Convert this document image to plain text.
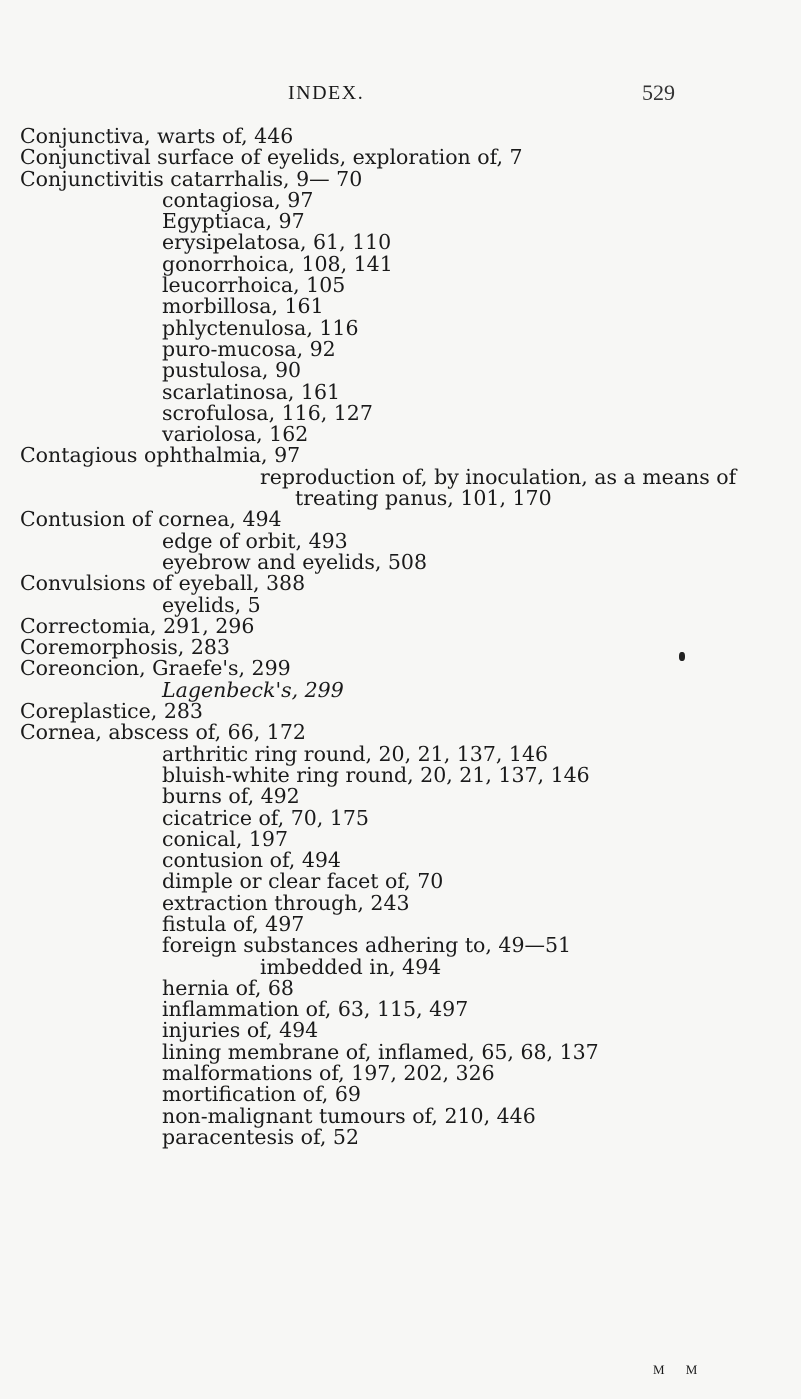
INDEX.	529
Conjunctiva, warts of, 446
Conjunctival surface of eyelids, exploration of, 7
Conjunctivitis catarrhalis, 9— 70
contagiosa, 97
Egyptiaca, 97
erysipelatosa, 61, 110
gonorrhoica, 108, 141
leucorrhoica, 105
morbillosa, 161
phlyctenulosa, 116
puro-mucosa, 92
pustulosa, 90
scarlatinosa, 161
scrofulosa, 116, 127
variolosa, 162
Contagious ophthalmia, 97
reproduction of, by inoculation, as a means of
treating panus, 101, 170
Contusion of cornea, 494
edge of orbit, 493
eyebrow and eyelids, 508
Convulsions of eyeball, 388
eyelids, 5
Correctomia, 291, 296
Coremorphosis, 283
Coreoncion, Graefe's, 299
Lagenbeck's, 299
Coreplastice, 283
Cornea, abscess of, 66, 172
arthritic ring round, 20, 21, 137, 146
bluish-white ring round, 20, 21, 137, 146
burns of, 492
cicatrice of, 70, 175
conical, 197
contusion of, 494
dimple or clear facet of, 70
extraction through, 243
fistula of, 497
foreign substances adhering to, 49—51
imbedded in, 494
hernia of, 68
inflammation of, 63, 115, 497
injuries of, 494
lining membrane of, inflamed, 65, 68, 137
malformations of, 197, 202, 326
mortification of, 69
non-malignant tumours of, 210, 446
paracentesis of, 52
M M
